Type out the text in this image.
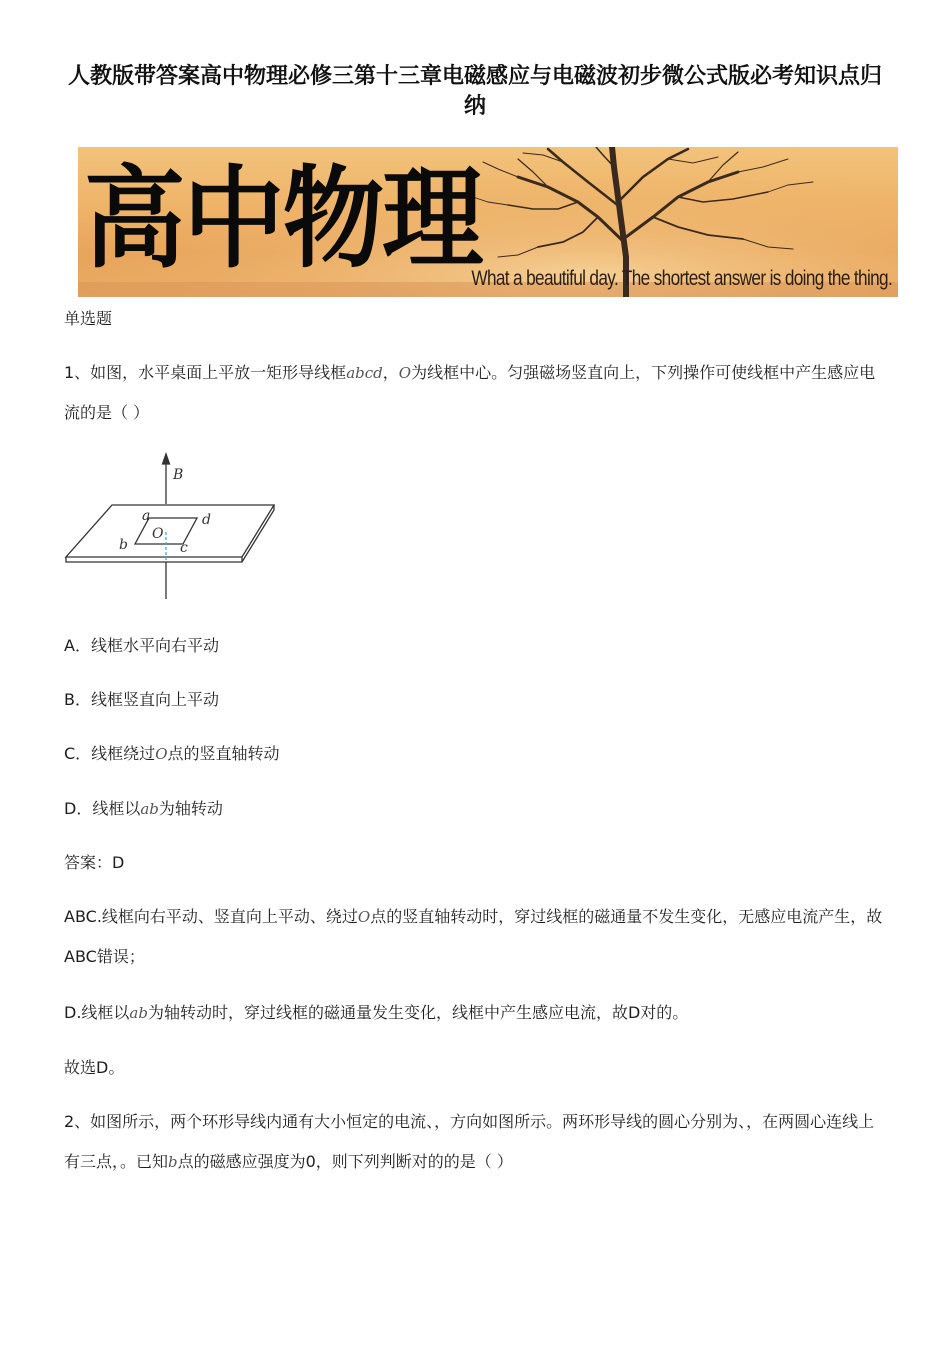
人教版带答案高中物理必修三第十三章电磁感应与电磁波初步微公式版必考知识点归纳
高中物理
What a beautiful day. The shortest answer is doing the thing.
单选题
1、如图，水平桌面上平放一矩形导线框abcd，O为线框中心。匀强磁场竖直向上，下列操作可使线框中产生感应电流的是（ ）
B
a	d
b	c
O
A．线框水平向右平动
B．线框竖直向上平动
C．线框绕过O点的竖直轴转动
D．线框以ab为轴转动
答案：D
ABC.线框向右平动、竖直向上平动、绕过O点的竖直轴转动时，穿过线框的磁通量不发生变化，无感应电流产生，故ABC错误；
D.线框以ab为轴转动时，穿过线框的磁通量发生变化，线框中产生感应电流，故D对的。
故选D。
2、如图所示，两个环形导线内通有大小恒定的电流、，方向如图所示。两环形导线的圆心分别为、，在两圆心连线上有三点，。已知b点的磁感应强度为0，则下列判断对的的是（ ）
